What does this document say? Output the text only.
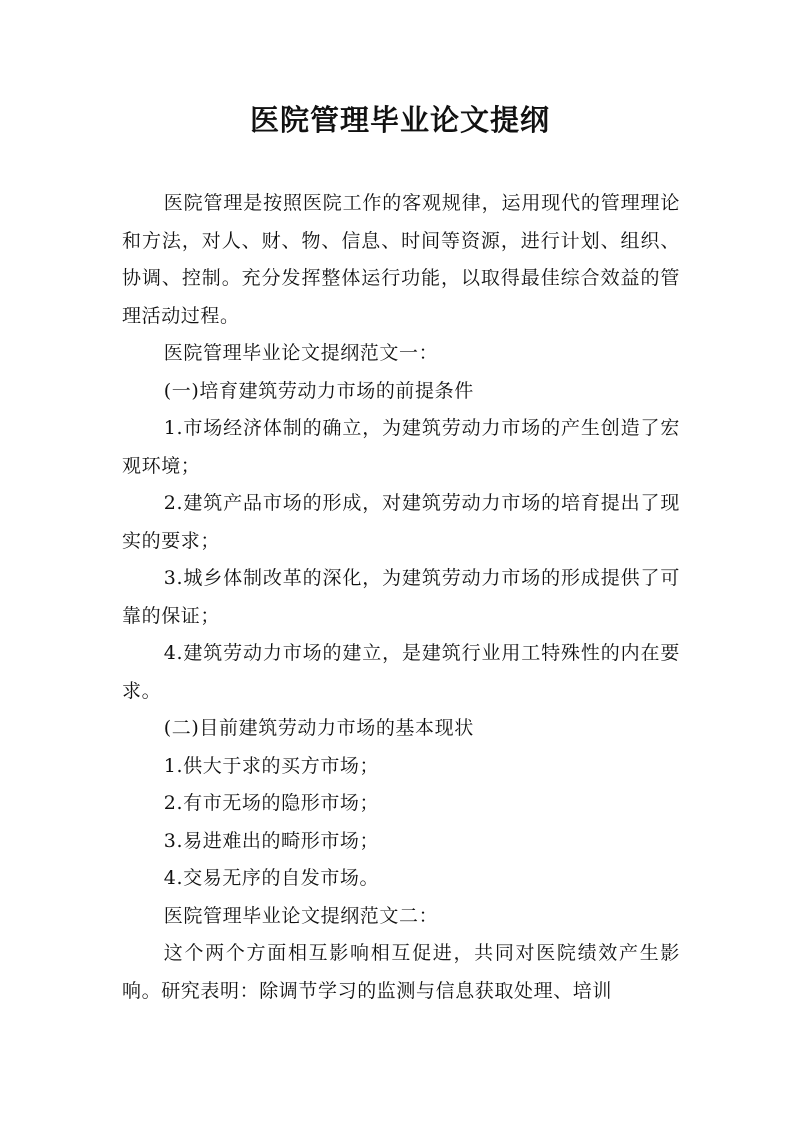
医院管理毕业论文提纲

医院管理是按照医院工作的客观规律，运用现代的管理理论和方法，对人、财、物、信息、时间等资源，进行计划、组织、协调、控制。充分发挥整体运行功能，以取得最佳综合效益的管理活动过程。

医院管理毕业论文提纲范文一：

(一)培育建筑劳动力市场的前提条件

1.市场经济体制的确立，为建筑劳动力市场的产生创造了宏观环境；

2.建筑产品市场的形成，对建筑劳动力市场的培育提出了现实的要求；

3.城乡体制改革的深化，为建筑劳动力市场的形成提供了可靠的保证；

4.建筑劳动力市场的建立，是建筑行业用工特殊性的内在要求。

(二)目前建筑劳动力市场的基本现状

1.供大于求的买方市场；

2.有市无场的隐形市场；

3.易进难出的畸形市场；

4.交易无序的自发市场。

医院管理毕业论文提纲范文二：

这个两个方面相互影响相互促进，共同对医院绩效产生影响。研究表明：除调节学习的监测与信息获取处理、培训
